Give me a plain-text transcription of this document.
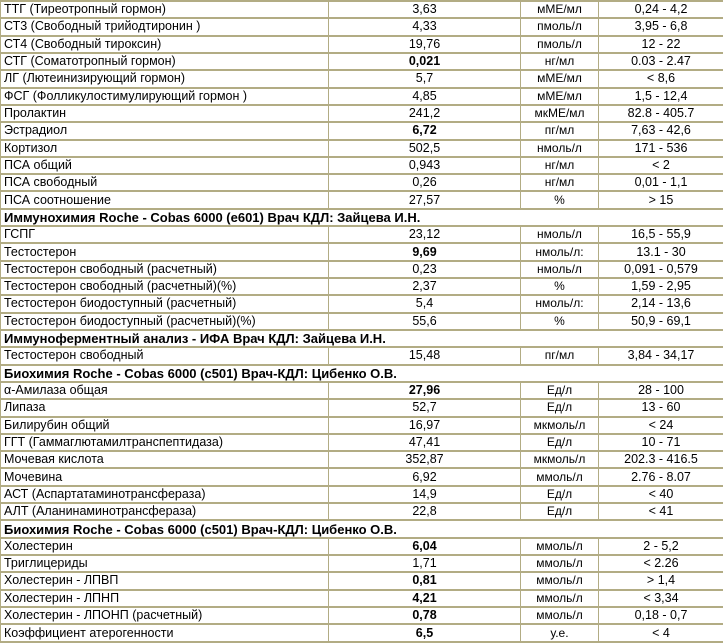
ТТГ (Тиреотропный гормон)	3,63	мМЕ/мл	0,24 - 4,2
СТ3 (Свободный трийодтиронин )	4,33	пмоль/л	3,95 - 6,8
СТ4 (Свободный тироксин)	19,76	пмоль/л	12 - 22
СТГ (Соматотропный гормон)	0,021	нг/мл	0.03 - 2.47
ЛГ (Лютеинизирующий гормон)	5,7	мМЕ/мл	< 8,6
ФСГ (Фолликулостимулирующий гормон )	4,85	мМЕ/мл	1,5 - 12,4
Пролактин	241,2	мкМЕ/мл	82.8 - 405.7
Эстрадиол	6,72	пг/мл	7,63 - 42,6
Кортизол	502,5	нмоль/л	171 - 536
ПСА общий	0,943	нг/мл	< 2
ПСА свободный	0,26	нг/мл	0,01 - 1,1
ПСА соотношение	27,57	%	> 15
Иммунохимия Roche - Cobas 6000 (e601) Врач КДЛ: Зайцева И.Н.			
ГСПГ	23,12	нмоль/л	16,5 - 55,9
Тестостерон	9,69	нмоль/л:	13.1 - 30
Тестостерон свободный (расчетный)	0,23	нмоль/л	0,091 - 0,579
Тестостерон свободный (расчетный)(%)	2,37	%	1,59 - 2,95
Тестостерон биодоступный (расчетный)	5,4	нмоль/л:	2,14 - 13,6
Тестостерон биодоступный (расчетный)(%)	55,6	%	50,9 - 69,1
Иммуноферментный анализ - ИФА Врач КДЛ: Зайцева И.Н.			
Тестостерон свободный	15,48	пг/мл	3,84 - 34,17
Биохимия Roche - Cobas 6000 (c501) Врач-КДЛ: Цибенко О.В.			
α-Амилаза общая	27,96	Ед/л	28 - 100
Липаза	52,7	Ед/л	13 - 60
Билирубин общий	16,97	мкмоль/л	< 24
ГГТ (Гаммаглютамилтранспептидаза)	47,41	Ед/л	10 - 71
Мочевая кислота	352,87	мкмоль/л	202.3 - 416.5
Мочевина	6,92	ммоль/л	2.76 - 8.07
АСТ (Аспартатаминотрансфераза)	14,9	Ед/л	< 40
АЛТ (Аланинаминотрансфераза)	22,8	Ед/л	< 41
Биохимия Roche - Cobas 6000 (c501) Врач-КДЛ: Цибенко О.В.			
Холестерин	6,04	ммоль/л	2 - 5,2
Триглицериды	1,71	ммоль/л	< 2.26
Холестерин - ЛПВП	0,81	ммоль/л	> 1,4
Холестерин - ЛПНП	4,21	ммоль/л	< 3,34
Холестерин - ЛПОНП (расчетный)	0,78	ммоль/л	0,18 - 0,7
Коэффициент атерогенности	6,5	у.е.	< 4
